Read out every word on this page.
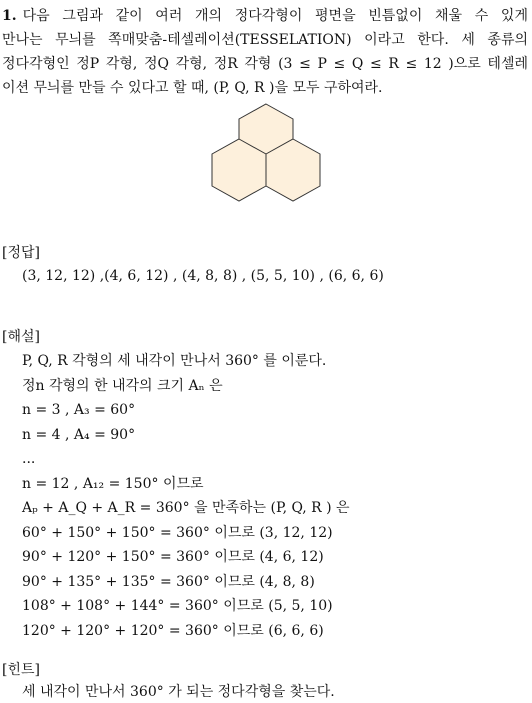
1. 다음 그림과 같이 여러 개의 정다각형이 평면을 빈틈없이 채울 수 있게
만나는 무늬를 쪽매맞춤-테셀레이션(TESSELATION) 이라고 한다. 세 종류의
정다각형인 정P 각형, 정Q 각형, 정R 각형 (3 ≤ P ≤ Q ≤ R ≤ 12 )으로 테셀레
이션 무늬를 만들 수 있다고 할 때, (P, Q, R )을 모두 구하여라.
[정답]
(3, 12, 12) ,(4, 6, 12) , (4, 8, 8) , (5, 5, 10) , (6, 6, 6)
[해설]
P, Q, R 각형의 세 내각이 만나서 360° 를 이룬다.
정n 각형의 한 내각의 크기 Aₙ 은
n = 3 , A₃ = 60°
n = 4 , A₄ = 90°
...
n = 12 , A₁₂ = 150° 이므로
Aₚ + A_Q + A_R = 360° 을 만족하는 (P, Q, R ) 은
60° + 150° + 150° = 360° 이므로 (3, 12, 12)
90° + 120° + 150° = 360° 이므로 (4, 6, 12)
90° + 135° + 135° = 360° 이므로 (4, 8, 8)
108° + 108° + 144° = 360° 이므로 (5, 5, 10)
120° + 120° + 120° = 360° 이므로 (6, 6, 6)
[힌트]
세 내각이 만나서 360° 가 되는 정다각형을 찾는다.
